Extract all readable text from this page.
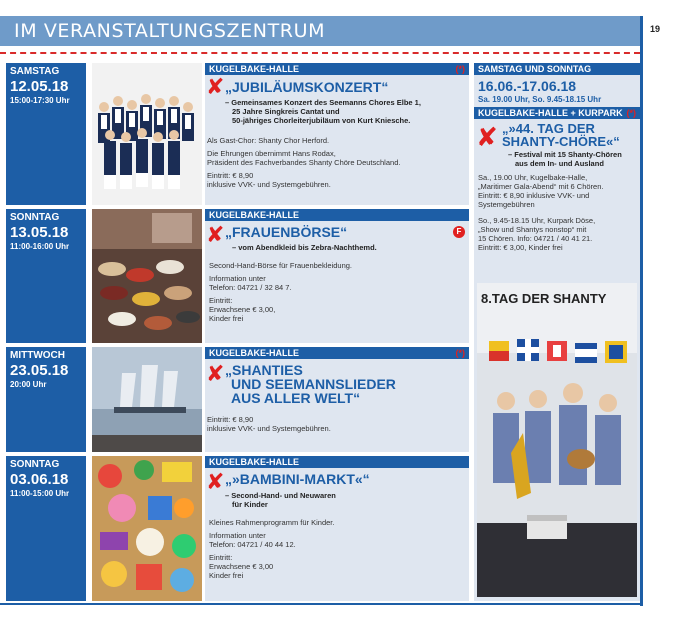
IM VERANSTALTUNGSZENTRUM	19
SAMSTAG
12.05.18
15:00-17:30 Uhr
KUGELBAKE-HALLE	(*)
✘ „JUBILÄUMSKONZERT“
– Gemeinsames Konzert des Seemanns Chores Elbe 1,
25 Jahre Singkreis Cantat und
50-jähriges Chorleiterjubiläum von Kurt Kniesche.
Als Gast-Chor: Shanty Chor Herford.
Die Ehrungen übernimmt Hans Rodax,
Präsident des Fachverbandes Shanty Chöre Deutschland.
Eintritt: € 8,90
inklusive VVK- und Systemgebühren.
SONNTAG
13.05.18
11:00-16:00 Uhr
KUGELBAKE-HALLE
F
✘ „FRAUENBÖRSE“
– vom Abendkleid bis Zebra-Nachthemd.
Second-Hand-Börse für Frauenbekleidung.
Information unter
Telefon: 04721 / 32 84 7.
Eintritt:
Erwachsene € 3,00,
Kinder frei
MITTWOCH
23.05.18
20:00 Uhr
KUGELBAKE-HALLE	(*)
✘ „SHANTIES
UND SEEMANNSLIEDER
AUS ALLER WELT“
Eintritt: € 8,90
inklusive VVK- und Systemgebühren.
SONNTAG
03.06.18
11:00-15:00 Uhr
KUGELBAKE-HALLE
✘ „»BAMBINI-MARKT«“
– Second-Hand- und Neuwaren
für Kinder
Kleines Rahmenprogramm für Kinder.
Information unter
Telefon: 04721 / 40 44 12.
Eintritt:
Erwachsene € 3,00
Kinder frei
SAMSTAG UND SONNTAG
16.06.-17.06.18
Sa. 19.00 Uhr, So. 9.45-18.15 Uhr
KUGELBAKE-HALLE + KURPARK (*)
✘ „»44. TAG DER
SHANTY-CHÖRE«“
– Festival mit 15 Shanty-Chören
aus dem In- und Ausland
Sa., 19.00 Uhr, Kugelbake-Halle,
„Maritimer Gala-Abend“ mit 6 Chören.
Eintritt: € 8,90 inklusive VVK- und
Systemgebühren
So., 9.45-18.15 Uhr, Kurpark Döse,
„Show und Shantys nonstop“ mit
15 Chören. Info: 04721 / 40 41 21.
Eintritt: € 3,00, Kinder frei
8.TAG DER SHANTY
